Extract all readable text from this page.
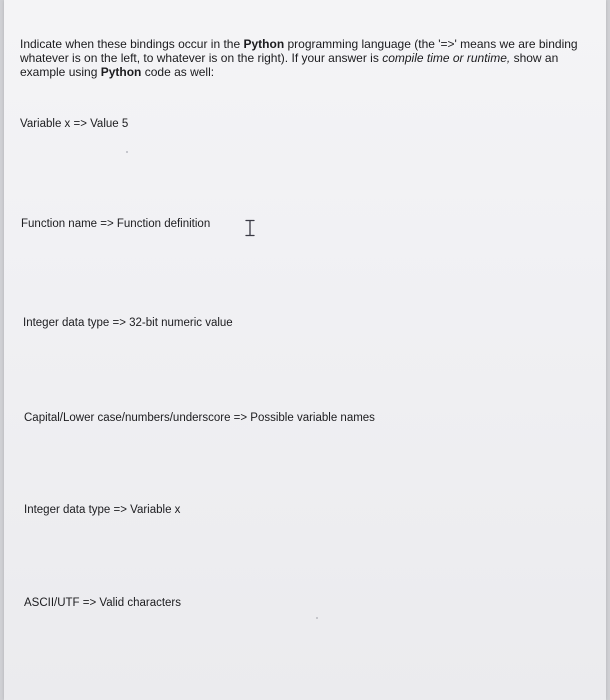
Indicate when these bindings occur in the Python programming language (the '=>' means we are binding whatever is on the left, to whatever is on the right). If your answer is compile time or runtime, show an example using Python code as well:
Variable x => Value 5
Function name => Function definition
Integer data type => 32-bit numeric value
Capital/Lower case/numbers/underscore => Possible variable names
Integer data type => Variable x
ASCII/UTF => Valid characters
